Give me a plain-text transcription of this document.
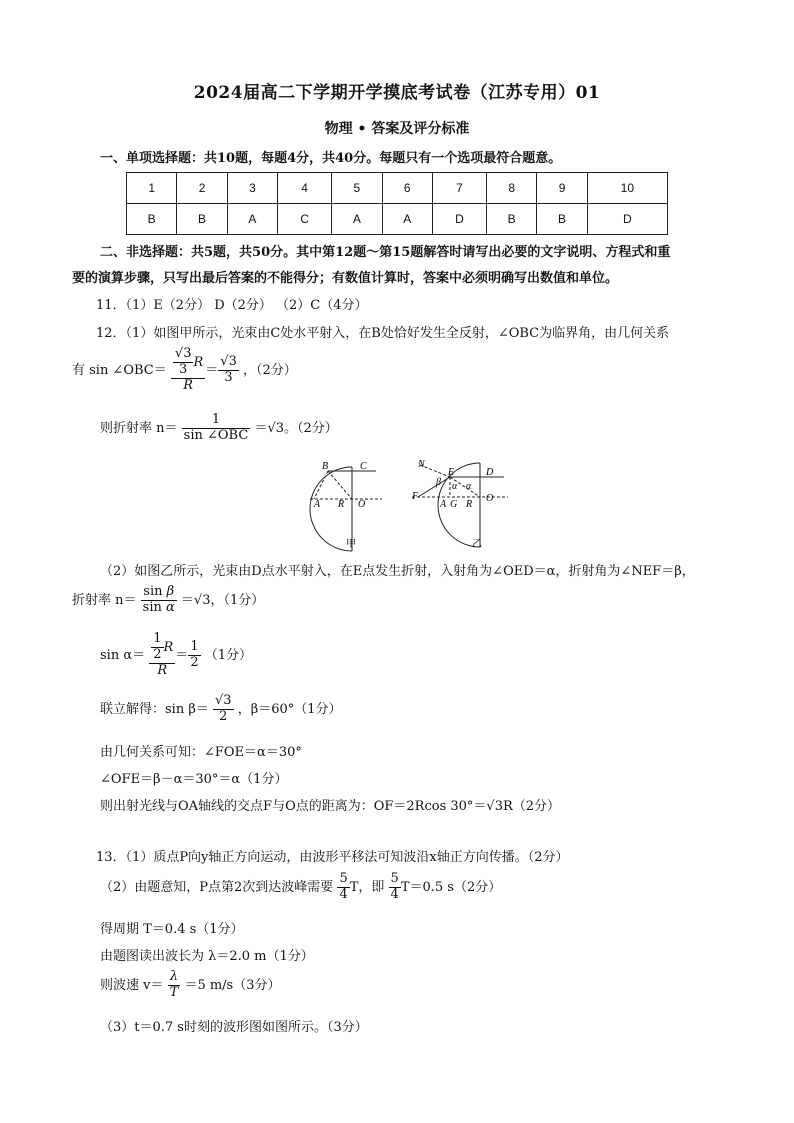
2024届高二下学期开学摸底考试卷（江苏专用）01
物理 • 答案及评分标准
一、单项选择题：共10题，每题4分，共40分。每题只有一个选项最符合题意。
1	2	3	4	5	6	7	8	9	10
B	B	A	C	A	A	D	B	B	D
二、非选择题：共5题，共50分。其中第12题～第15题解答时请写出必要的文字说明、方程式和重
要的演算步骤，只写出最后答案的不能得分；有数值计算时，答案中必须明确写出数值和单位。
11．（1）E（2分） D（2分） （2）C（4分）
12．（1）如图甲所示，光束由C处水平射入，在B处恰好发生全反射，∠OBC为临界角，由几何关系
有 sin ∠OBC＝ $\frac{\frac{√3}{3} R}{R} = \frac{√3}{3}$ ，（2分）
则折射率 $n= \frac{1}{\text{sin ∠OBC}} =√3$。（2分）
B	C
A R O
甲
N
E	D
β α α
F
A G R
O
乙
（2）如图乙所示，光束由D点水平射入，在E点发生折射，入射角为∠OED＝α，折射角为∠NEF＝β，
折射率 $n= \frac{\text{sin β}}{\text{sin α}} =√3$，（1分）
$\sin \alpha= \frac{\frac{1}{2} R}{R} = \frac{1}{2} (1$分）
联立解得：$\sin \beta= \frac{√3}{2}$ ，β＝60°（1分）
由几何关系可知：∠FOE＝α＝30°
∠OFE＝β－α＝30°＝α（1分）
则出射光线与OA轴线的交点F与O点的距离为：OF＝2Rcos 30°＝√3R（2分）
13．（1）质点P向y轴正方向运动，由波形平移法可知波沿x轴正方向传播。（2分）
（2）由题意知，P点第2次到达波峰需要 $\frac{5}{4}$ T，即 $\frac{5}{4} T=0.5$ s（2分）
得周期 T＝0.4 s（1分）
由题图读出波长为 λ＝2.0 m（1分）
则波速 $v= \frac{\lambda}{T} =5$ m/s（3分）
（3）t＝0.7 s时刻的波形图如图所示。（3分）
